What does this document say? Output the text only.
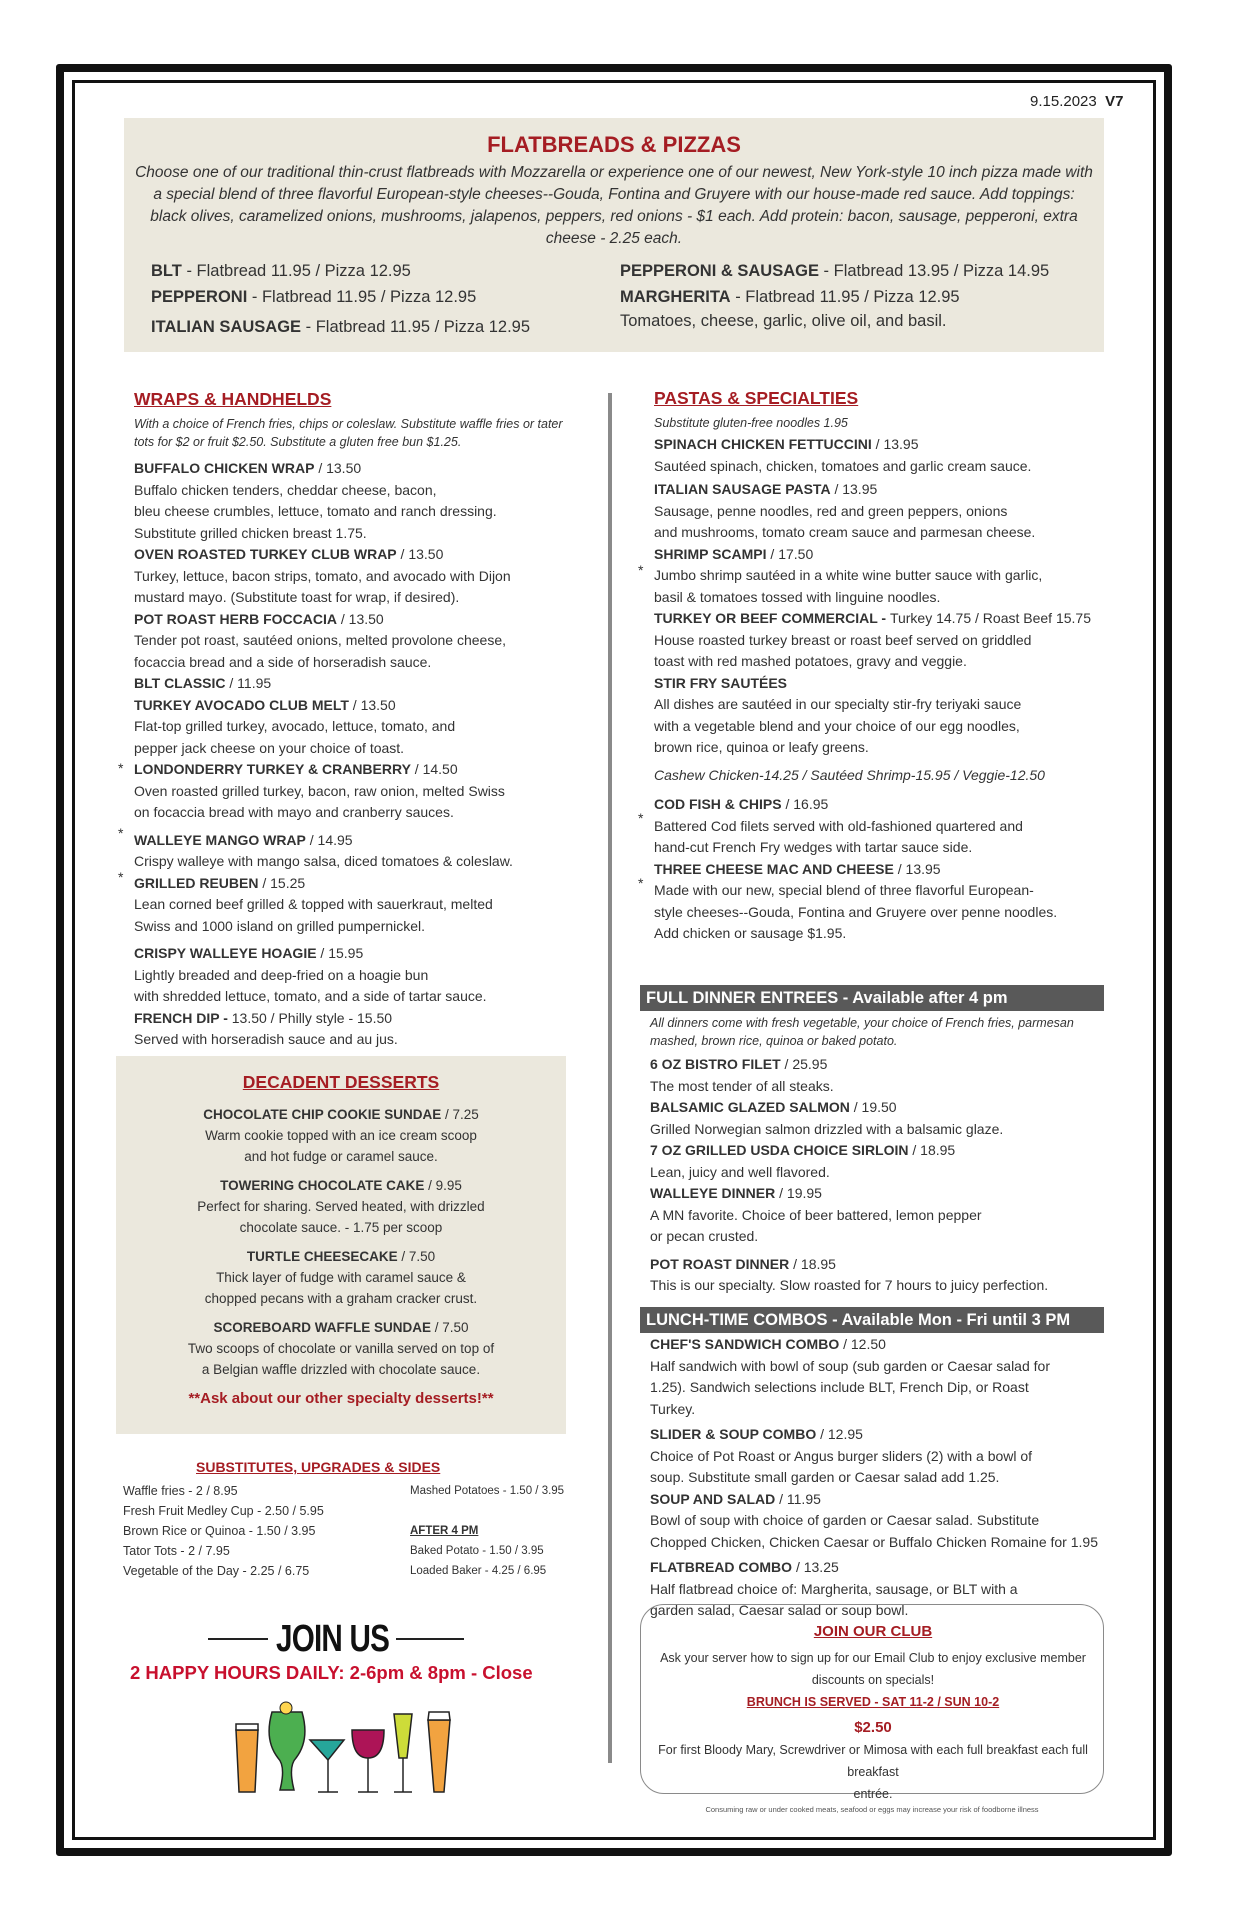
9.15.2023 V7
FLATBREADS & PIZZAS
Choose one of our traditional thin-crust flatbreads with Mozzarella or experience one of our newest, New York-style 10 inch pizza made with a special blend of three flavorful European-style cheeses--Gouda, Fontina and Gruyere with our house-made red sauce. Add toppings: black olives, caramelized onions, mushrooms, jalapenos, peppers, red onions - $1 each. Add protein: bacon, sausage, pepperoni, extra cheese - 2.25 each.
BLT - Flatbread 11.95 / Pizza 12.95
PEPPERONI - Flatbread 11.95 / Pizza 12.95
ITALIAN SAUSAGE - Flatbread 11.95 / Pizza 12.95
PEPPERONI & SAUSAGE - Flatbread 13.95 / Pizza 14.95
MARGHERITA - Flatbread 11.95 / Pizza 12.95
Tomatoes, cheese, garlic, olive oil, and basil.
WRAPS & HANDHELDS
With a choice of French fries, chips or coleslaw. Substitute waffle fries or tater tots for $2 or fruit $2.50. Substitute a gluten free bun $1.25.
BUFFALO CHICKEN WRAP / 13.50
Buffalo chicken tenders, cheddar cheese, bacon,
bleu cheese crumbles, lettuce, tomato and ranch dressing.
Substitute grilled chicken breast 1.75.
OVEN ROASTED TURKEY CLUB WRAP / 13.50
Turkey, lettuce, bacon strips, tomato, and avocado with Dijon
mustard mayo. (Substitute toast for wrap, if desired).
POT ROAST HERB FOCCACIA / 13.50
Tender pot roast, sautéed onions, melted provolone cheese,
focaccia bread and a side of horseradish sauce.
BLT CLASSIC / 11.95
TURKEY AVOCADO CLUB MELT / 13.50
Flat-top grilled turkey, avocado, lettuce, tomato, and
pepper jack cheese on your choice of toast.
LONDONDERRY TURKEY & CRANBERRY / 14.50
Oven roasted grilled turkey, bacon, raw onion, melted Swiss
on focaccia bread with mayo and cranberry sauces.
WALLEYE MANGO WRAP / 14.95
Crispy walleye with mango salsa, diced tomatoes & coleslaw.
GRILLED REUBEN / 15.25
Lean corned beef grilled & topped with sauerkraut, melted
Swiss and 1000 island on grilled pumpernickel.
CRISPY WALLEYE HOAGIE / 15.95
Lightly breaded and deep-fried on a hoagie bun
with shredded lettuce, tomato, and a side of tartar sauce.
FRENCH DIP - 13.50 / Philly style - 15.50
Served with horseradish sauce and au jus.
*
*
*
DECADENT DESSERTS
CHOCOLATE CHIP COOKIE SUNDAE / 7.25
Warm cookie topped with an ice cream scoop
and hot fudge or caramel sauce.
TOWERING CHOCOLATE CAKE / 9.95
Perfect for sharing. Served heated, with drizzled
chocolate sauce. - 1.75 per scoop
TURTLE CHEESECAKE / 7.50
Thick layer of fudge with caramel sauce &
chopped pecans with a graham cracker crust.
SCOREBOARD WAFFLE SUNDAE / 7.50
Two scoops of chocolate or vanilla served on top of
a Belgian waffle drizzled with chocolate sauce.
**Ask about our other specialty desserts!**
SUBSTITUTES, UPGRADES & SIDES
Waffle fries - 2 / 8.95
Fresh Fruit Medley Cup - 2.50 / 5.95
Brown Rice or Quinoa - 1.50 / 3.95
Tator Tots - 2 / 7.95
Vegetable of the Day - 2.25 / 6.75
Mashed Potatoes - 1.50 / 3.95
AFTER 4 PM
Baked Potato - 1.50 / 3.95
Loaded Baker - 4.25 / 6.95
JOIN US
2 HAPPY HOURS DAILY: 2-6pm & 8pm - Close
PASTAS & SPECIALTIES
Substitute gluten-free noodles 1.95
SPINACH CHICKEN FETTUCCINI / 13.95
Sautéed spinach, chicken, tomatoes and garlic cream sauce.
ITALIAN SAUSAGE PASTA / 13.95
Sausage, penne noodles, red and green peppers, onions
and mushrooms, tomato cream sauce and parmesan cheese.
SHRIMP SCAMPI / 17.50
Jumbo shrimp sautéed in a white wine butter sauce with garlic,
basil & tomatoes tossed with linguine noodles.
TURKEY OR BEEF COMMERCIAL - Turkey 14.75 / Roast Beef 15.75
House roasted turkey breast or roast beef served on griddled
toast with red mashed potatoes, gravy and veggie.
STIR FRY SAUTÉES
All dishes are sautéed in our specialty stir-fry teriyaki sauce
with a vegetable blend and your choice of our egg noodles,
brown rice, quinoa or leafy greens.
Cashew Chicken-14.25 / Sautéed Shrimp-15.95 / Veggie-12.50
COD FISH & CHIPS / 16.95
Battered Cod filets served with old-fashioned quartered and
hand-cut French Fry wedges with tartar sauce side.
THREE CHEESE MAC AND CHEESE / 13.95
Made with our new, special blend of three flavorful European-
style cheeses--Gouda, Fontina and Gruyere over penne noodles.
Add chicken or sausage $1.95.
*
*
*
FULL DINNER ENTREES - Available after 4 pm
All dinners come with fresh vegetable, your choice of French fries, parmesan mashed, brown rice, quinoa or baked potato.
6 OZ BISTRO FILET / 25.95
The most tender of all steaks.
BALSAMIC GLAZED SALMON / 19.50
Grilled Norwegian salmon drizzled with a balsamic glaze.
7 OZ GRILLED USDA CHOICE SIRLOIN / 18.95
Lean, juicy and well flavored.
WALLEYE DINNER / 19.95
A MN favorite. Choice of beer battered, lemon pepper
or pecan crusted.
POT ROAST DINNER / 18.95
This is our specialty. Slow roasted for 7 hours to juicy perfection.
LUNCH-TIME COMBOS - Available Mon - Fri until 3 PM
CHEF'S SANDWICH COMBO / 12.50
Half sandwich with bowl of soup (sub garden or Caesar salad for
1.25). Sandwich selections include BLT, French Dip, or Roast
Turkey.
SLIDER & SOUP COMBO / 12.95
Choice of Pot Roast or Angus burger sliders (2) with a bowl of
soup. Substitute small garden or Caesar salad add 1.25.
SOUP AND SALAD / 11.95
Bowl of soup with choice of garden or Caesar salad. Substitute
Chopped Chicken, Chicken Caesar or Buffalo Chicken Romaine for 1.95
FLATBREAD COMBO / 13.25
Half flatbread choice of: Margherita, sausage, or BLT with a
garden salad, Caesar salad or soup bowl.
JOIN OUR CLUB
Ask your server how to sign up for our Email Club to enjoy exclusive member
discounts on specials!
BRUNCH IS SERVED - SAT 11-2 / SUN 10-2
$2.50
For first Bloody Mary, Screwdriver or Mimosa with each full breakfast each full breakfast
entrée.
Consuming raw or under cooked meats, seafood or eggs may increase your risk of foodborne illness
